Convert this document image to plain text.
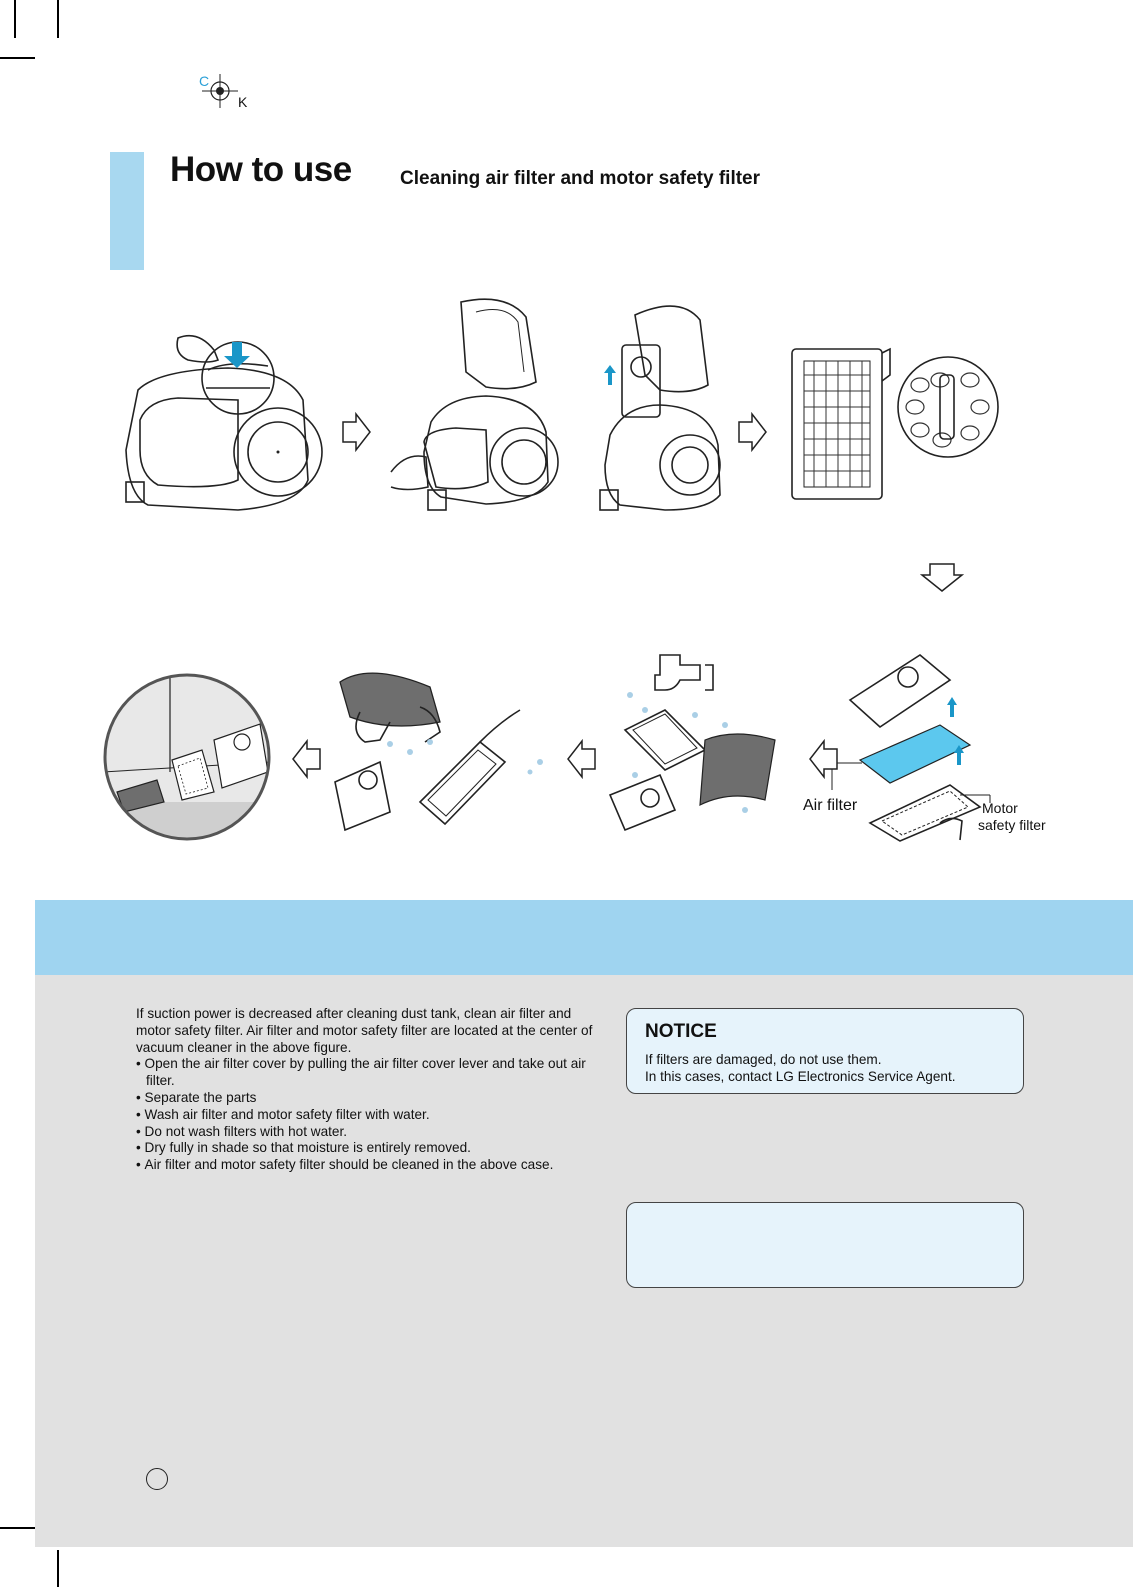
C
K
How to use	Cleaning air filter and motor safety filter
Air filter	Motor
safety filter

If suction power is decreased after cleaning dust tank, clean air filter and motor safety filter. Air filter and motor safety filter are located at the center of vacuum cleaner in the above figure.

• Open the air filter cover by pulling the air filter cover lever and take out air filter.
• Separate the parts
• Wash air filter and motor safety filter with water.
• Do not wash filters with hot water.
• Dry fully in shade so that moisture is entirely removed.
• Air filter and motor safety filter should be cleaned in the above case.
NOTICE

If filters are damaged, do not use them.

In this cases, contact LG Electronics Service Agent.
